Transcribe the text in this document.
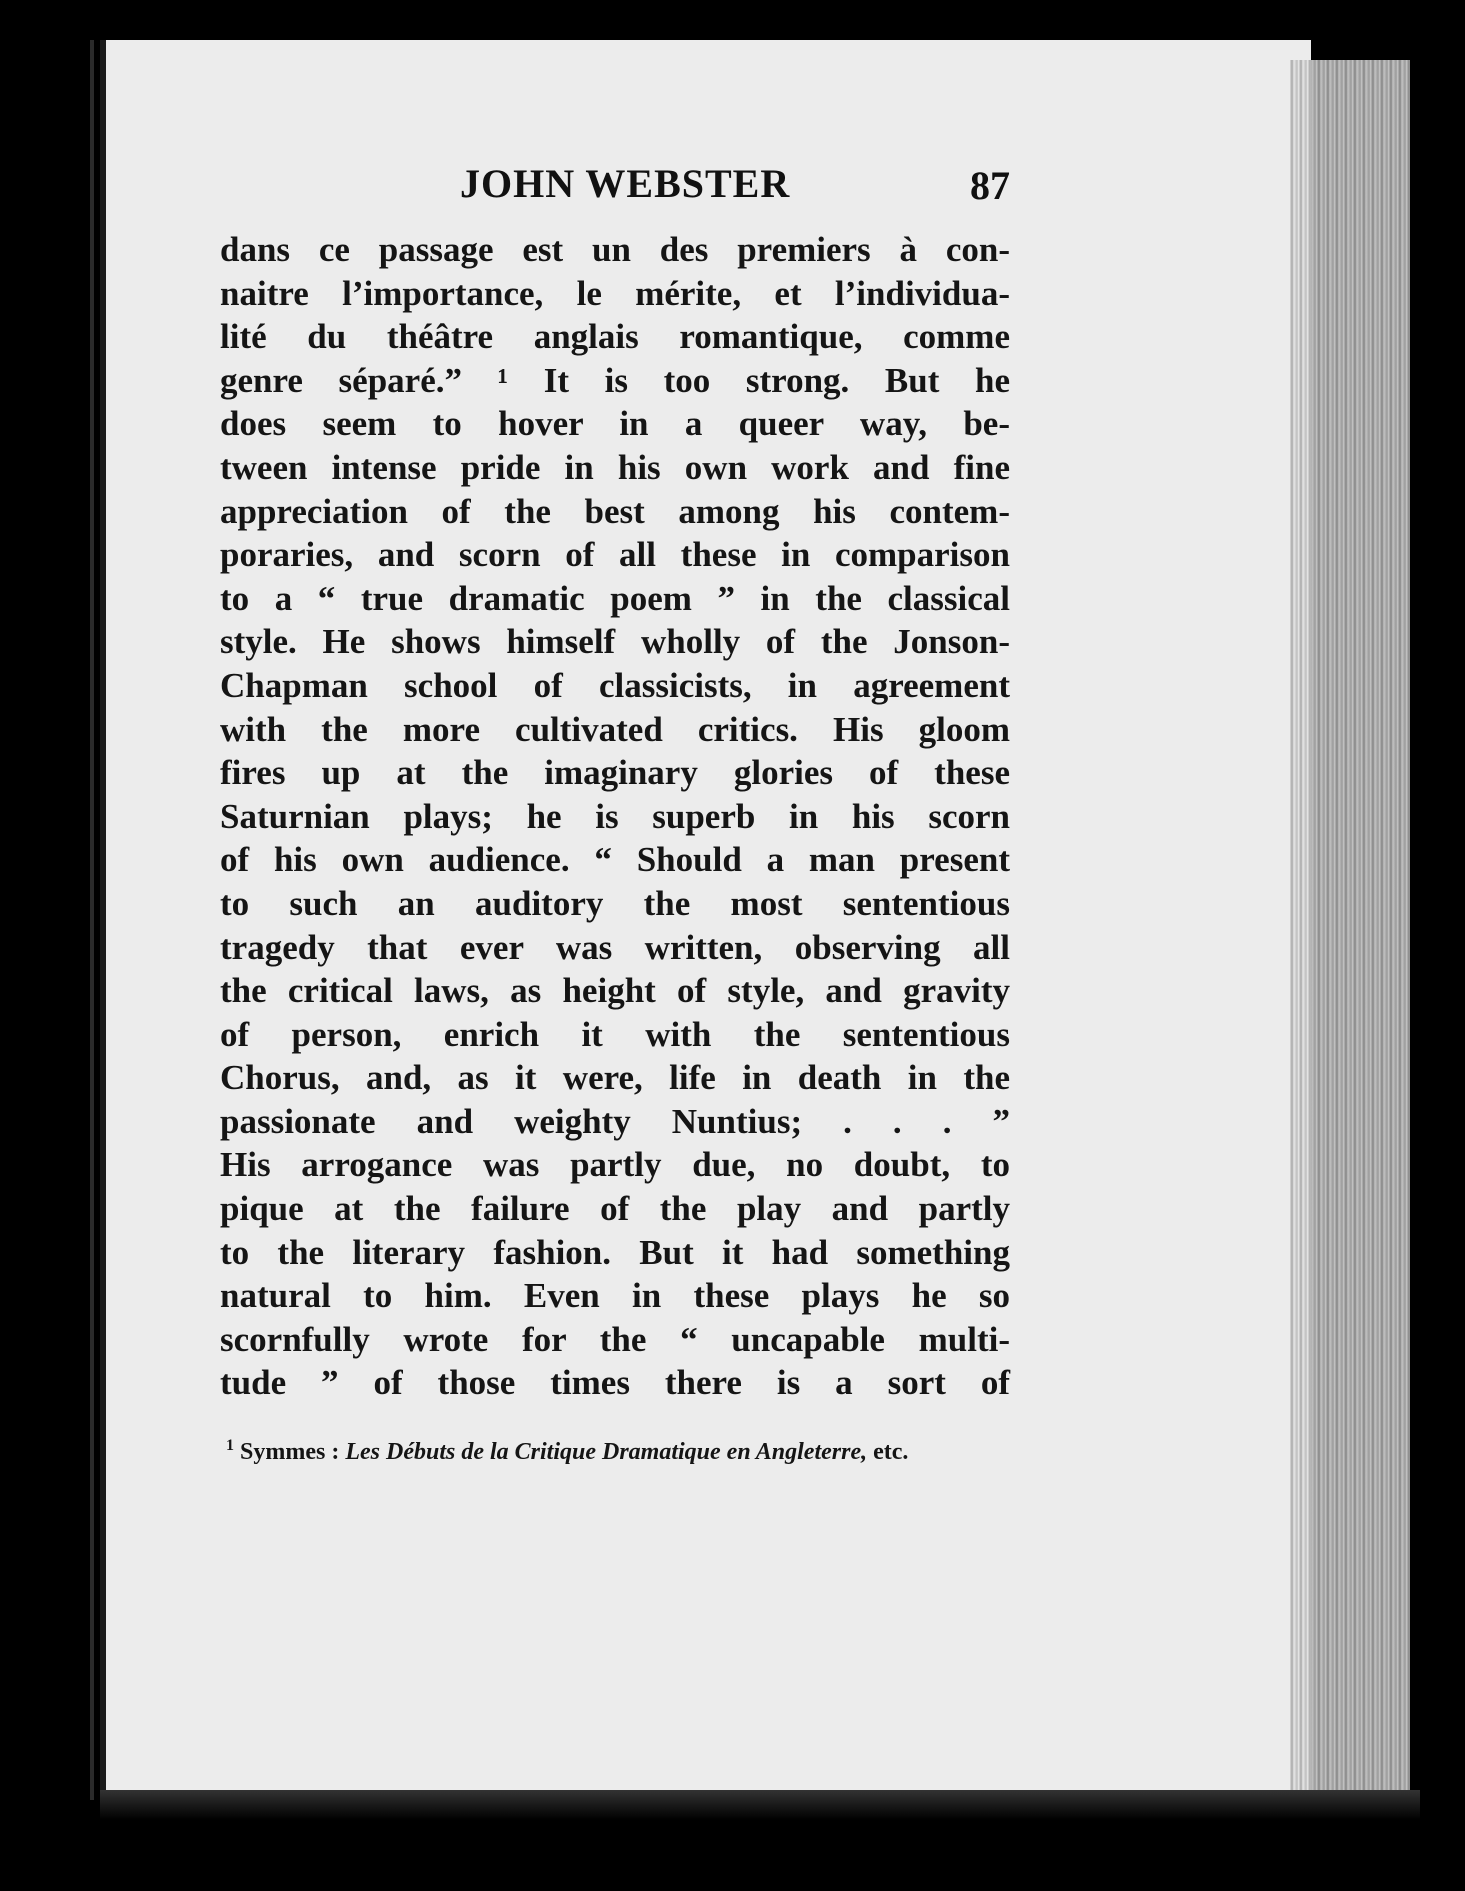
JOHN WEBSTER	87
dans ce passage est un des premiers à con-
naitre l’importance, le mérite, et l’individua-
lité du théâtre anglais romantique, comme
genre séparé.” ¹ It is too strong. But he
does seem to hover in a queer way, be-
tween intense pride in his own work and fine
appreciation of the best among his contem-
poraries, and scorn of all these in comparison
to a “ true dramatic poem ” in the classical
style. He shows himself wholly of the Jonson-
Chapman school of classicists, in agreement
with the more cultivated critics. His gloom
fires up at the imaginary glories of these
Saturnian plays; he is superb in his scorn
of his own audience. “ Should a man present
to such an auditory the most sententious
tragedy that ever was written, observing all
the critical laws, as height of style, and gravity
of person, enrich it with the sententious
Chorus, and, as it were, life in death in the
passionate and weighty Nuntius; . . . ”
His arrogance was partly due, no doubt, to
pique at the failure of the play and partly
to the literary fashion. But it had something
natural to him. Even in these plays he so
scornfully wrote for the “ uncapable multi-
tude ” of those times there is a sort of
$^1$ Symmes : Les Débuts de la Critique Dramatique en Angleterre, etc.
